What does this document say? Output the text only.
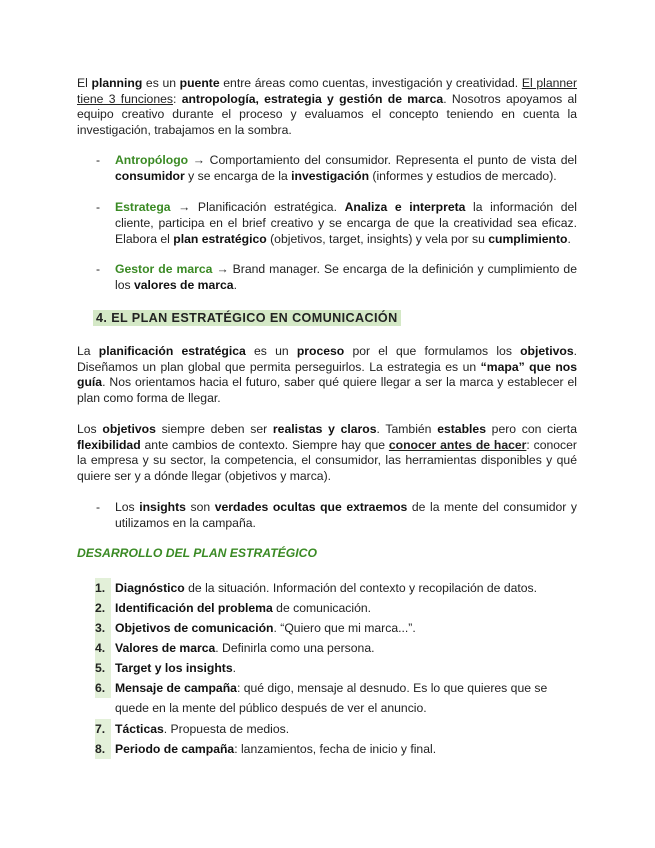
El planning es un puente entre áreas como cuentas, investigación y creatividad. El planner tiene 3 funciones: antropología, estrategia y gestión de marca. Nosotros apoyamos al equipo creativo durante el proceso y evaluamos el concepto teniendo en cuenta la investigación, trabajamos en la sombra.
- Antropólogo → Comportamiento del consumidor. Representa el punto de vista del consumidor y se encarga de la investigación (informes y estudios de mercado).
- Estratega → Planificación estratégica. Analiza e interpreta la información del cliente, participa en el brief creativo y se encarga de que la creatividad sea eficaz. Elabora el plan estratégico (objetivos, target, insights) y vela por su cumplimiento.
- Gestor de marca → Brand manager. Se encarga de la definición y cumplimiento de los valores de marca.
4. EL PLAN ESTRATÉGICO EN COMUNICACIÓN
La planificación estratégica es un proceso por el que formulamos los objetivos. Diseñamos un plan global que permita perseguirlos. La estrategia es un “mapa” que nos guía. Nos orientamos hacia el futuro, saber qué quiere llegar a ser la marca y establecer el plan como forma de llegar.
Los objetivos siempre deben ser realistas y claros. También estables pero con cierta flexibilidad ante cambios de contexto. Siempre hay que conocer antes de hacer: conocer la empresa y su sector, la competencia, el consumidor, las herramientas disponibles y qué quiere ser y a dónde llegar (objetivos y marca).
- Los insights son verdades ocultas que extraemos de la mente del consumidor y utilizamos en la campaña.
DESARROLLO DEL PLAN ESTRATÉGICO
1. Diagnóstico de la situación. Información del contexto y recopilación de datos.
2. Identificación del problema de comunicación.
3. Objetivos de comunicación. “Quiero que mi marca...”.
4. Valores de marca. Definirla como una persona.
5. Target y los insights.
6. Mensaje de campaña: qué digo, mensaje al desnudo. Es lo que quieres que se quede en la mente del público después de ver el anuncio.
7. Tácticas. Propuesta de medios.
8. Periodo de campaña: lanzamientos, fecha de inicio y final.
